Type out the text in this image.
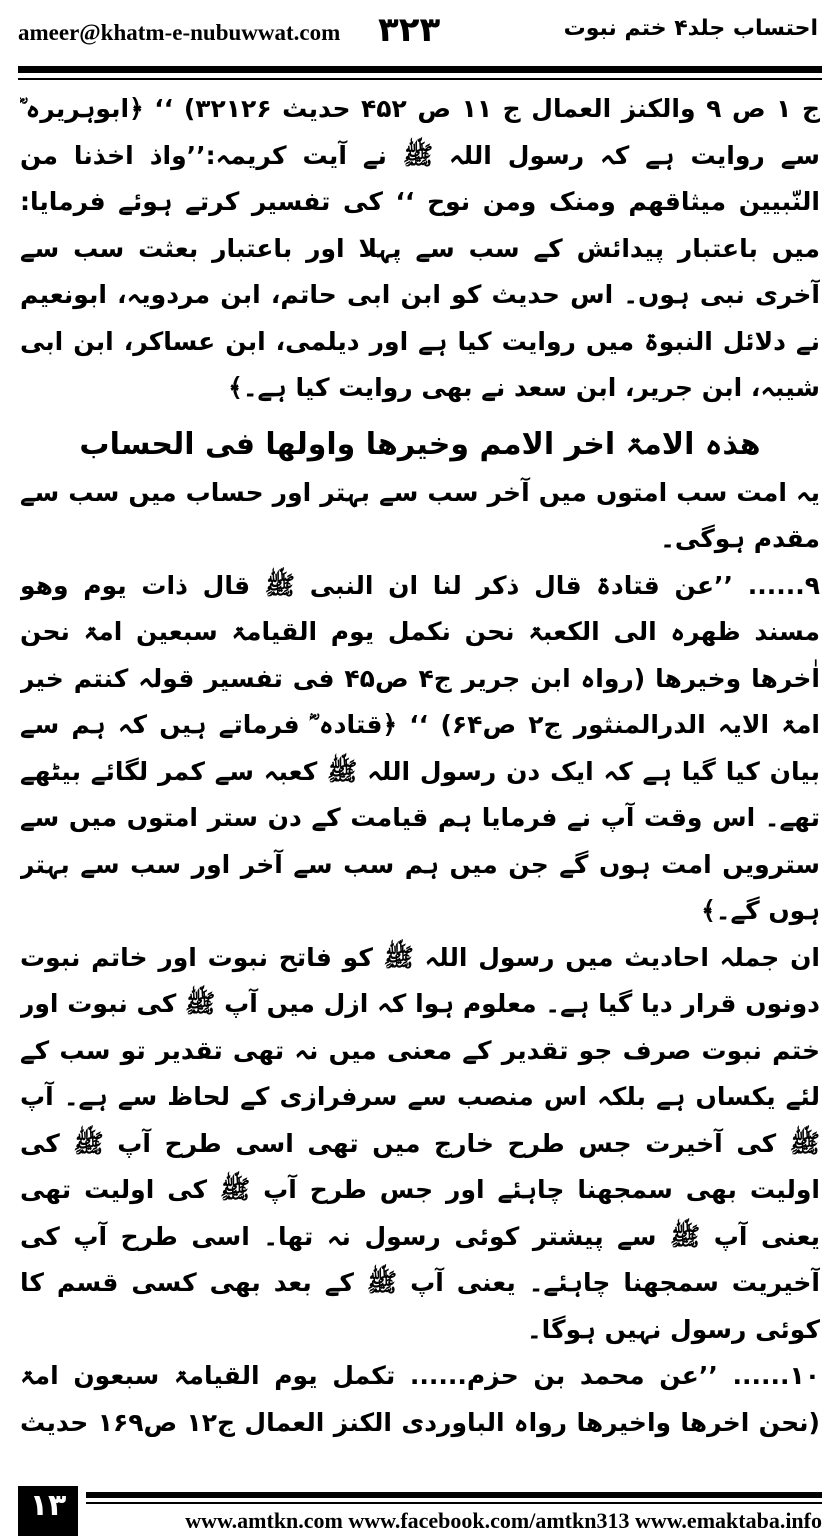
ameer@khatm-e-nubuwwat.com ۳۲۳	احتساب جلد۴ ختم نبوت

ج ۱ ص ۹ والکنز العمال ج ۱۱ ص ۴۵۲ حدیث ۳۲۱۲۶) ‘‘ ﴿ابوہریرہ ؓ سے روایت ہے کہ رسول اللہ ﷺ نے آیت کریمہ:’’واذ اخذنا من النّبیین میثاقھم ومنک ومن نوح ‘‘ کی تفسیر کرتے ہوئے فرمایا: میں باعتبار پیدائش کے سب سے پہلا اور باعتبار بعثت سب سے آخری نبی ہوں۔ اس حدیث کو ابن ابی حاتم، ابن مردویہ، ابونعیم نے دلائل النبوۃ میں روایت کیا ہے اور دیلمی، ابن عساکر، ابن ابی شیبہ، ابن جریر، ابن سعد نے بھی روایت کیا ہے۔﴾

ھذہ الامۃ اخر الامم وخیرھا واولھا فی الحساب

یہ امت سب امتوں میں آخر سب سے بہتر اور حساب میں سب سے مقدم ہوگی۔

۹...... ’’عن قتادۃ قال ذکر لنا ان النبی ﷺ قال ذات یوم وھو مسند ظھرہ الی الکعبۃ نحن نکمل یوم القیامۃ سبعین امۃ نحن اٰخرھا وخیرھا (رواہ ابن جریر ج۴ ص۴۵ فی تفسیر قولہ کنتم خیر امۃ الایہ الدرالمنثور ج۲ ص۶۴) ‘‘ ﴿قتادہ ؓ فرماتے ہیں کہ ہم سے بیان کیا گیا ہے کہ ایک دن رسول اللہ ﷺ کعبہ سے کمر لگائے بیٹھے تھے۔ اس وقت آپ نے فرمایا ہم قیامت کے دن ستر امتوں میں سے سترویں امت ہوں گے جن میں ہم سب سے آخر اور سب سے بہتر ہوں گے۔﴾

ان جملہ احادیث میں رسول اللہ ﷺ کو فاتح نبوت اور خاتم نبوت دونوں قرار دیا گیا ہے۔ معلوم ہوا کہ ازل میں آپ ﷺ کی نبوت اور ختم نبوت صرف جو تقدیر کے معنی میں نہ تھی تقدیر تو سب کے لئے یکساں ہے بلکہ اس منصب سے سرفرازی کے لحاظ سے ہے۔ آپ ﷺ کی آخیرت جس طرح خارج میں تھی اسی طرح آپ ﷺ کی اولیت بھی سمجھنا چاہئے اور جس طرح آپ ﷺ کی اولیت تھی یعنی آپ ﷺ سے پیشتر کوئی رسول نہ تھا۔ اسی طرح آپ کی آخیریت سمجھنا چاہئے۔ یعنی آپ ﷺ کے بعد بھی کسی قسم کا کوئی رسول نہیں ہوگا۔

۱۰...... ’’عن محمد بن حزم...... تکمل یوم القیامۃ سبعون امۃ (نحن اخرھا واخیرھا رواہ الباوردی الکنز العمال ج۱۲ ص۱۶۹ حدیث

۱۳	www.amtkn.com www.facebook.com/amtkn313 www.emaktaba.info
